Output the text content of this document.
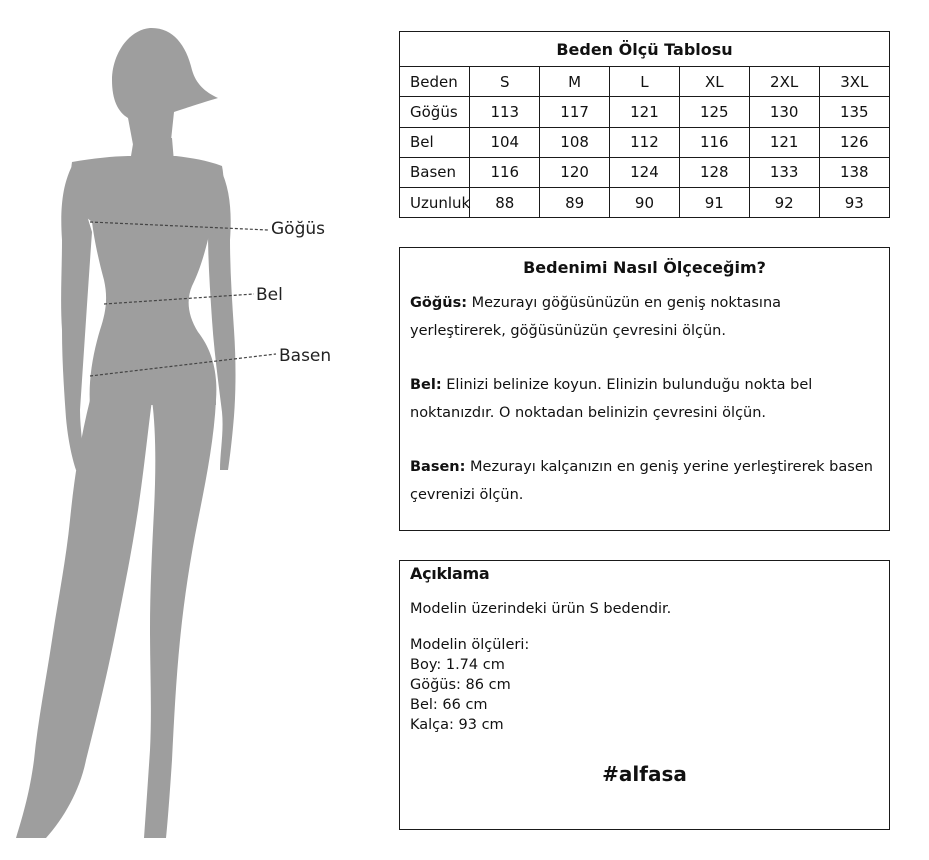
Göğüs
Bel
Basen
Beden Ölçü Tablosu						
Beden	S	M	L	XL	2XL	3XL
Göğüs	113	117	121	125	130	135
Bel	104	108	112	116	121	126
Basen	116	120	124	128	133	138
Uzunluk	88	89	90	91	92	93
Bedenimi Nasıl Ölçeceğim?
Göğüs: Mezurayı göğüsünüzün en geniş noktasına yerleştirerek, göğüsünüzün çevresini ölçün.
Bel: Elinizi belinize koyun. Elinizin bulunduğu nokta bel noktanızdır. O noktadan belinizin çevresini ölçün.
Basen: Mezurayı kalçanızın en geniş yerine yerleştirerek basen çevrenizi ölçün.
Açıklama
Modelin üzerindeki ürün S bedendir.
Modelin ölçüleri:
Boy: 1.74 cm
Göğüs: 86 cm
Bel: 66 cm
Kalça: 93 cm
#alfasa
